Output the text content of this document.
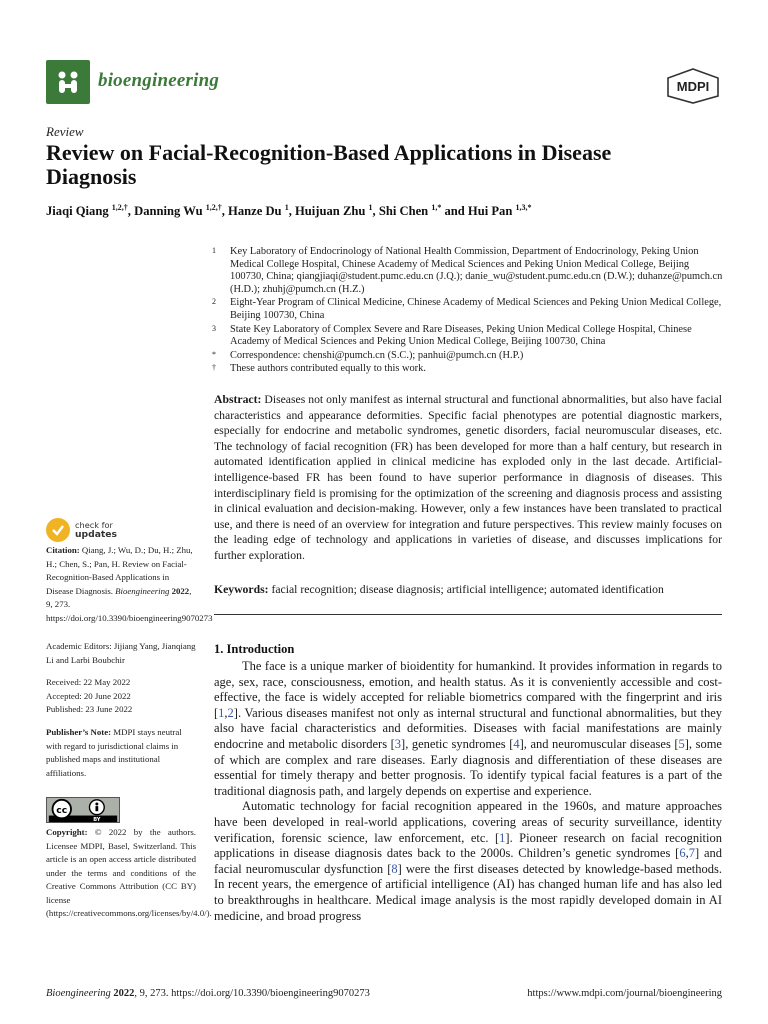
bioengineering	MDPI
Review
Review on Facial-Recognition-Based Applications in Disease Diagnosis
Jiaqi Qiang $^{1,2,\dagger}$, Danning Wu $^{1,2,\dagger}$, Hanze Du $^1$, Huijuan Zhu $^1$, Shi Chen $^{1,*}$ and Hui Pan $^{1,3,*}$
1	Key Laboratory of Endocrinology of National Health Commission, Department of Endocrinology, Peking Union Medical College Hospital, Chinese Academy of Medical Sciences and Peking Union Medical College, Beijing 100730, China; qiangjiaqi@student.pumc.edu.cn (J.Q.); danie_wu@student.pumc.edu.cn (D.W.); duhanze@pumch.cn (H.D.); zhuhj@pumch.cn (H.Z.)
2	Eight-Year Program of Clinical Medicine, Chinese Academy of Medical Sciences and Peking Union Medical College, Beijing 100730, China
3	State Key Laboratory of Complex Severe and Rare Diseases, Peking Union Medical College Hospital, Chinese Academy of Medical Sciences and Peking Union Medical College, Beijing 100730, China
*	Correspondence: chenshi@pumch.cn (S.C.); panhui@pumch.cn (H.P.)
†	These authors contributed equally to this work.
Abstract: Diseases not only manifest as internal structural and functional abnormalities, but also have facial characteristics and appearance deformities. Specific facial phenotypes are potential diagnostic markers, especially for endocrine and metabolic syndromes, genetic disorders, facial neuromuscular diseases, etc. The technology of facial recognition (FR) has been developed for more than a half century, but research in automated identification applied in clinical medicine has exploded only in the last decade. Artificial-intelligence-based FR has been found to have superior performance in diagnosis of diseases. This interdisciplinary field is promising for the optimization of the screening and diagnosis process and assisting in clinical evaluation and decision-making. However, only a few instances have been translated to practical use, and there is need of an overview for integration and future perspectives. This review mainly focuses on the leading edge of technology and applications in varieties of disease, and discusses implications for further exploration.
Keywords: facial recognition; disease diagnosis; artificial intelligence; automated identification
1. Introduction

The face is a unique marker of bioidentity for humankind. It provides information in regards to age, sex, race, consciousness, emotion, and health status. As it is conveniently accessible and cost-effective, the face is widely accepted for reliable biometrics compared with the fingerprint and iris [1,2]. Various diseases manifest not only as internal structural and functional abnormalities, but they also have facial characteristics and deformities. Diseases with facial manifestations are mainly endocrine and metabolic disorders [3], genetic syndromes [4], and neuromuscular diseases [5], some of which are complex and rare diseases. Early diagnosis and differentiation of these diseases are essential for timely therapy and better prognosis. To identify typical facial features is a part of the traditional diagnosis path, and largely depends on expertise and experience.

Automatic technology for facial recognition appeared in the 1960s, and mature approaches have been developed in real-world applications, covering areas of security surveillance, identity verification, forensic science, law enforcement, etc. [1]. Pioneer research on facial recognition applications in disease diagnosis dates back to the 2000s. Children’s genetic syndromes [6,7] and facial neuromuscular dysfunction [8] were the first diseases detected by knowledge-based methods. In recent years, the emergence of artificial intelligence (AI) has changed human life and has also led to breakthroughs in healthcare. Medical image analysis is the most rapidly developed domain in AI medicine, and broad progress

check for
updates
Citation: Qiang, J.; Wu, D.; Du, H.; Zhu, H.; Chen, S.; Pan, H. Review on Facial-Recognition-Based Applications in Disease Diagnosis. Bioengineering 2022, 9, 273. https://doi.org/10.3390/bioengineering9070273
Academic Editors: Jijiang Yang, Jianqiang Li and Larbi Boubchir
Received: 22 May 2022
Accepted: 20 June 2022
Published: 23 June 2022
Publisher’s Note: MDPI stays neutral with regard to jurisdictional claims in published maps and institutional affiliations.
cc
BY
Copyright: © 2022 by the authors. Licensee MDPI, Basel, Switzerland. This article is an open access article distributed under the terms and conditions of the Creative Commons Attribution (CC BY) license (https://creativecommons.org/licenses/by/4.0/).
Bioengineering 2022, 9, 273. https://doi.org/10.3390/bioengineering9070273	https://www.mdpi.com/journal/bioengineering
